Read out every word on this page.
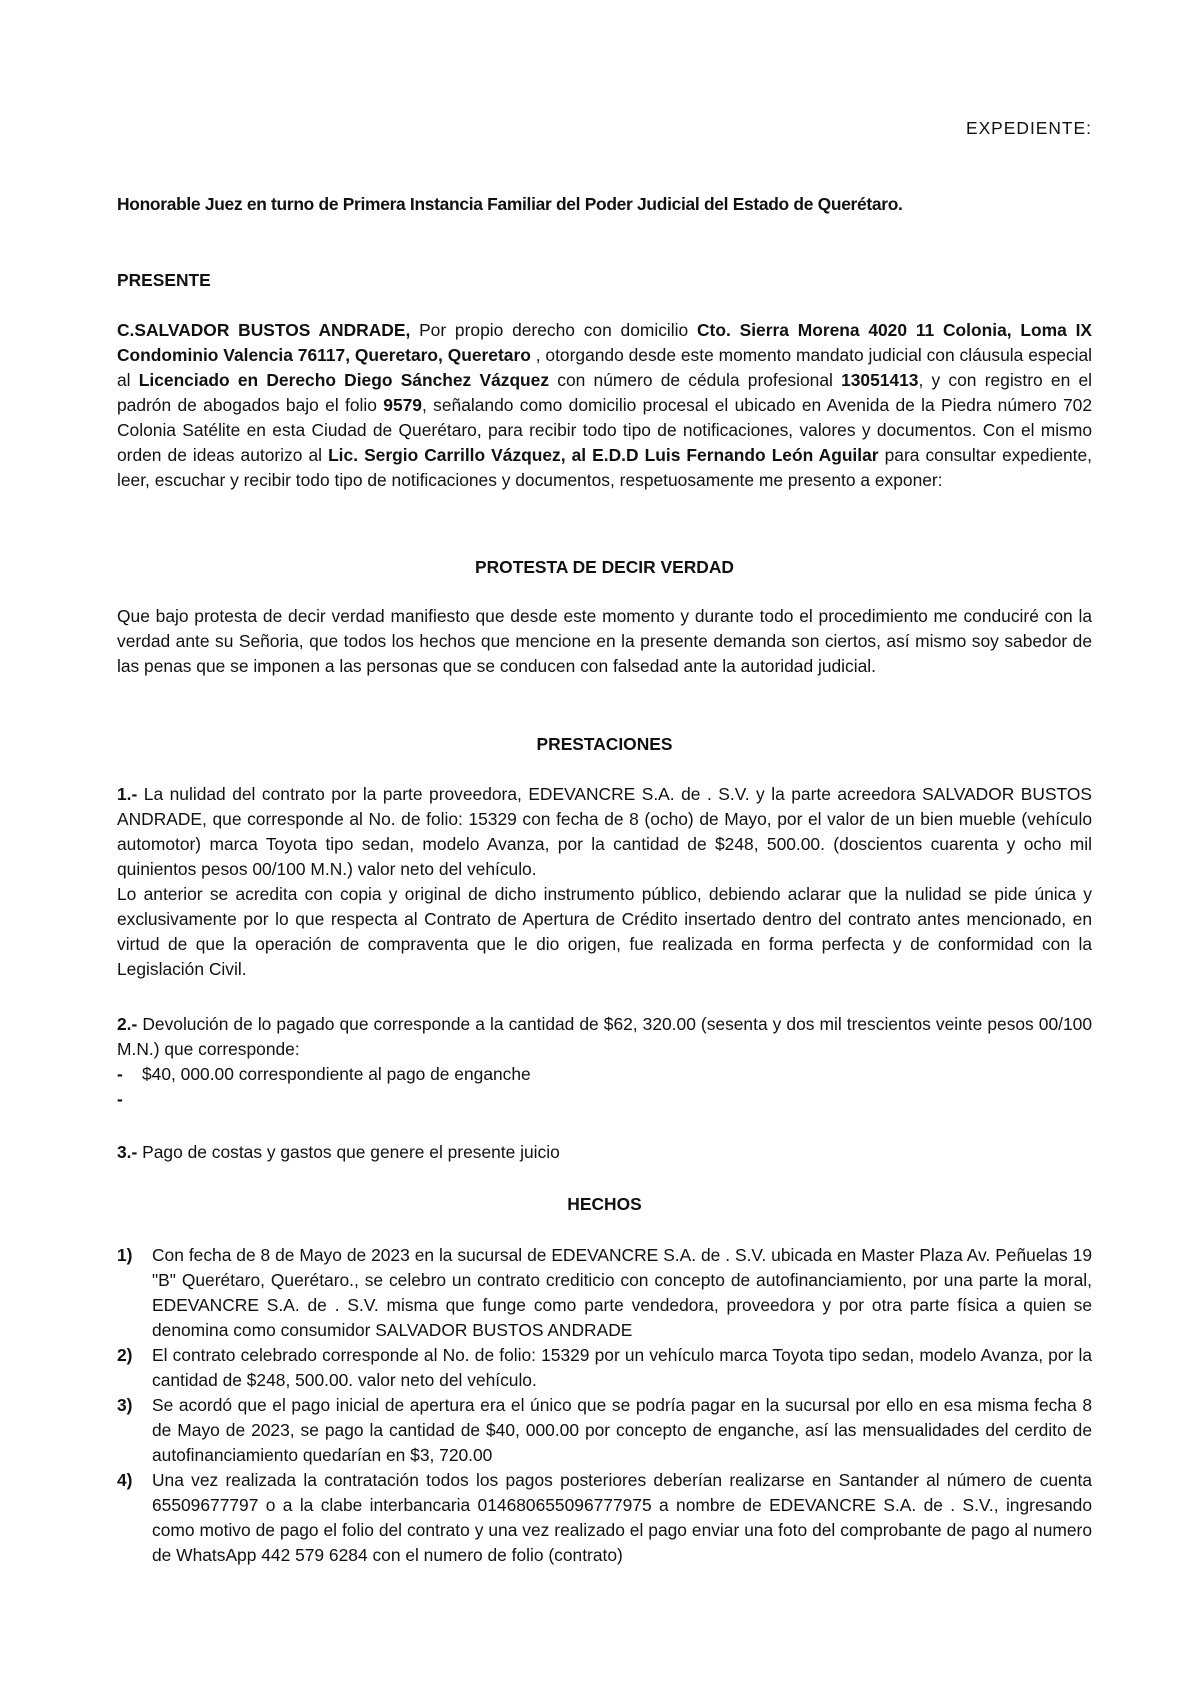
EXPEDIENTE:
Honorable Juez en turno de Primera Instancia Familiar del Poder Judicial del Estado de Querétaro.
PRESENTE
C.SALVADOR BUSTOS ANDRADE, Por propio derecho con domicilio Cto. Sierra Morena 4020 11 Colonia, Loma IX Condominio Valencia 76117, Queretaro, Queretaro , otorgando desde este momento mandato judicial con cláusula especial al Licenciado en Derecho Diego Sánchez Vázquez con número de cédula profesional 13051413, y con registro en el padrón de abogados bajo el folio 9579, señalando como domicilio procesal el ubicado en Avenida de la Piedra número 702 Colonia Satélite en esta Ciudad de Querétaro, para recibir todo tipo de notificaciones, valores y documentos. Con el mismo orden de ideas autorizo al Lic. Sergio Carrillo Vázquez, al E.D.D Luis Fernando León Aguilar para consultar expediente, leer, escuchar y recibir todo tipo de notificaciones y documentos, respetuosamente me presento a exponer:
PROTESTA DE DECIR VERDAD
Que bajo protesta de decir verdad manifiesto que desde este momento y durante todo el procedimiento me conduciré con la verdad ante su Señoria, que todos los hechos que mencione en la presente demanda son ciertos, así mismo soy sabedor de las penas que se imponen a las personas que se conducen con falsedad ante la autoridad judicial.
PRESTACIONES
1.- La nulidad del contrato por la parte proveedora, EDEVANCRE S.A. de . S.V. y la parte acreedora SALVADOR BUSTOS ANDRADE, que corresponde al No. de folio: 15329 con fecha de 8 (ocho) de Mayo, por el valor de un bien mueble (vehículo automotor) marca Toyota tipo sedan, modelo Avanza, por la cantidad de $248, 500.00. (doscientos cuarenta y ocho mil quinientos pesos 00/100 M.N.) valor neto del vehículo.
Lo anterior se acredita con copia y original de dicho instrumento público, debiendo aclarar que la nulidad se pide única y exclusivamente por lo que respecta al Contrato de Apertura de Crédito insertado dentro del contrato antes mencionado, en virtud de que la operación de compraventa que le dio origen, fue realizada en forma perfecta y de conformidad con la Legislación Civil.
2.- Devolución de lo pagado que corresponde a la cantidad de $62, 320.00 (sesenta y dos mil trescientos veinte pesos 00/100 M.N.) que corresponde:
-	$40, 000.00 correspondiente al pago de enganche
-
3.- Pago de costas y gastos que genere el presente juicio
HECHOS
1)	Con fecha de 8 de Mayo de 2023 en la sucursal de EDEVANCRE S.A. de . S.V. ubicada en Master Plaza Av. Peñuelas 19 "B" Querétaro, Querétaro., se celebro un contrato crediticio con concepto de autofinanciamiento, por una parte la moral, EDEVANCRE S.A. de . S.V. misma que funge como parte vendedora, proveedora y por otra parte física a quien se denomina como consumidor SALVADOR BUSTOS ANDRADE
2)	El contrato celebrado corresponde al No. de folio: 15329 por un vehículo marca Toyota tipo sedan, modelo Avanza, por la cantidad de $248, 500.00. valor neto del vehículo.
3)	Se acordó que el pago inicial de apertura era el único que se podría pagar en la sucursal por ello en esa misma fecha 8 de Mayo de 2023, se pago la cantidad de $40, 000.00 por concepto de enganche, así las mensualidades del cerdito de autofinanciamiento quedarían en $3, 720.00
4)	Una vez realizada la contratación todos los pagos posteriores deberían realizarse en Santander al número de cuenta 65509677797 o a la clabe interbancaria 014680655096777975 a nombre de EDEVANCRE S.A. de . S.V., ingresando como motivo de pago el folio del contrato y una vez realizado el pago enviar una foto del comprobante de pago al numero de WhatsApp 442 579 6284 con el numero de folio (contrato)
